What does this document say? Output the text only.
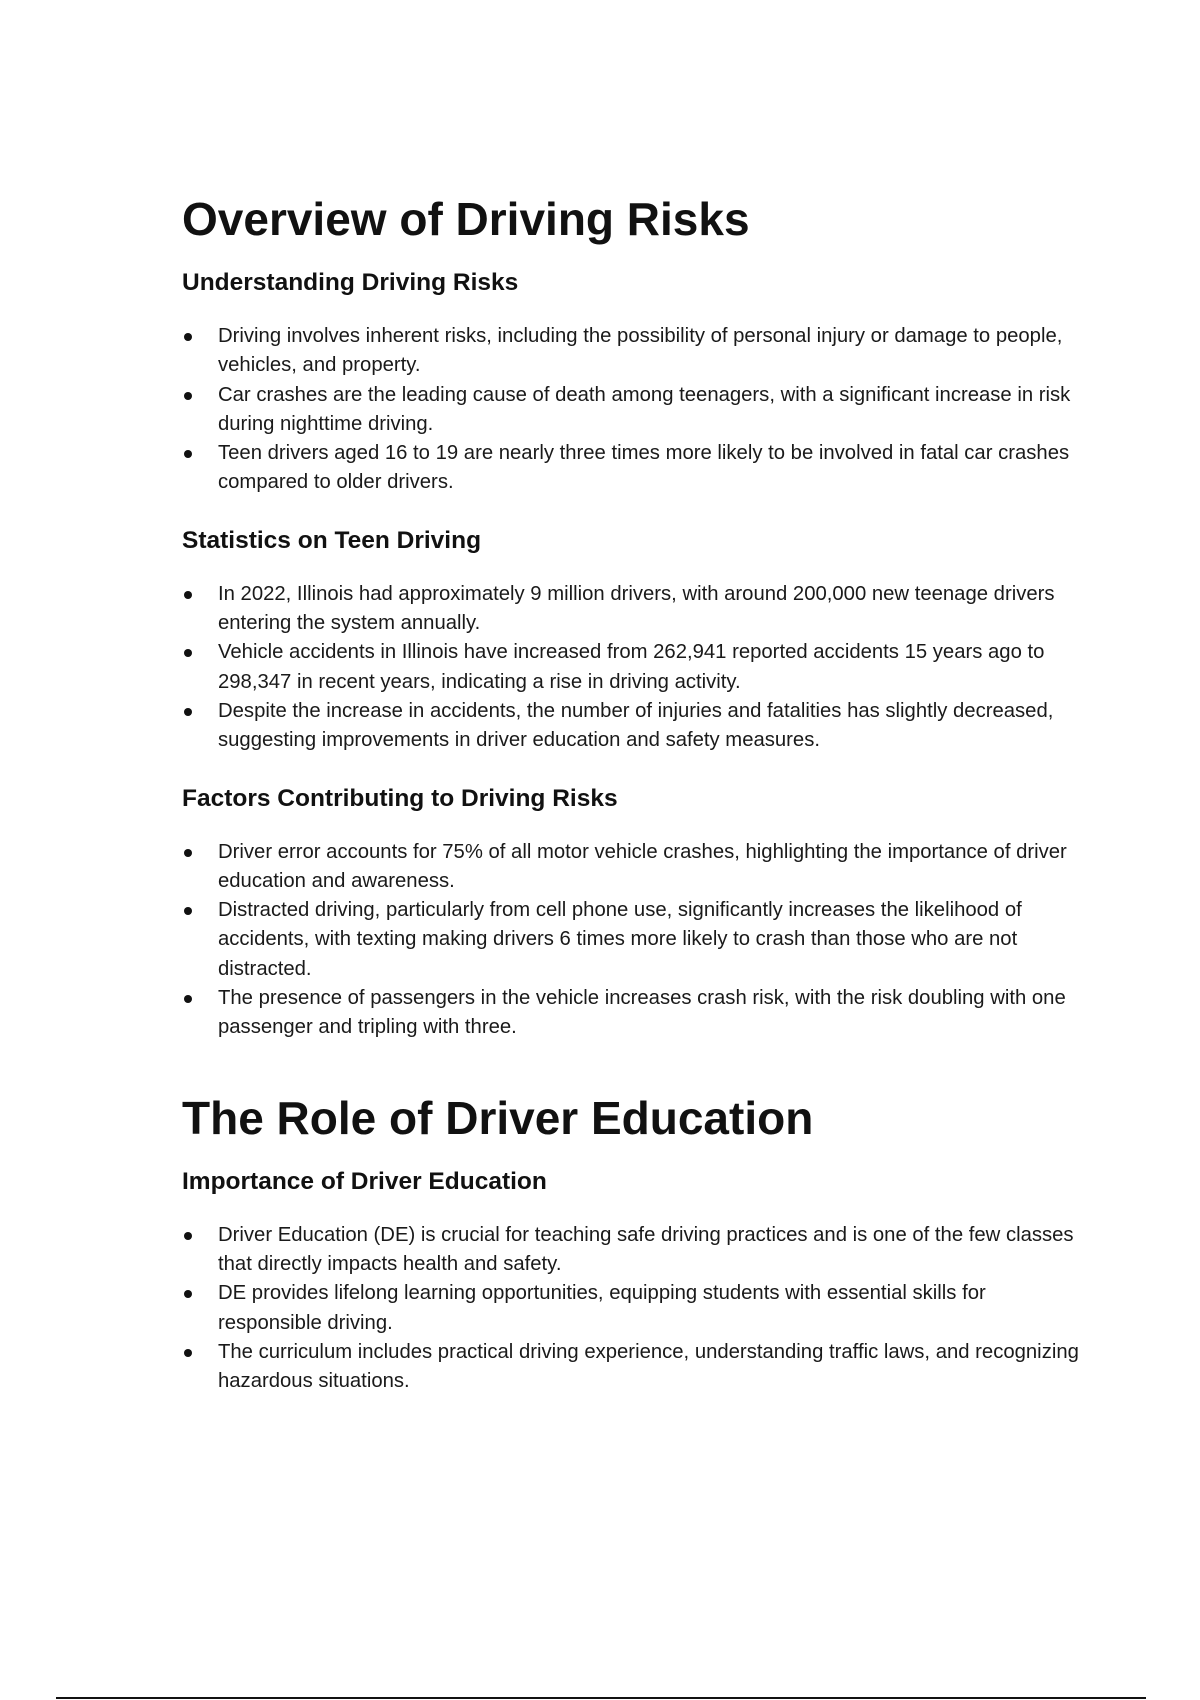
Overview of Driving Risks
Understanding Driving Risks
Driving involves inherent risks, including the possibility of personal injury or damage to people, vehicles, and property.
Car crashes are the leading cause of death among teenagers, with a significant increase in risk during nighttime driving.
Teen drivers aged 16 to 19 are nearly three times more likely to be involved in fatal car crashes compared to older drivers.
Statistics on Teen Driving
In 2022, Illinois had approximately 9 million drivers, with around 200,000 new teenage drivers entering the system annually.
Vehicle accidents in Illinois have increased from 262,941 reported accidents 15 years ago to 298,347 in recent years, indicating a rise in driving activity.
Despite the increase in accidents, the number of injuries and fatalities has slightly decreased, suggesting improvements in driver education and safety measures.
Factors Contributing to Driving Risks
Driver error accounts for 75% of all motor vehicle crashes, highlighting the importance of driver education and awareness.
Distracted driving, particularly from cell phone use, significantly increases the likelihood of accidents, with texting making drivers 6 times more likely to crash than those who are not distracted.
The presence of passengers in the vehicle increases crash risk, with the risk doubling with one passenger and tripling with three.
The Role of Driver Education
Importance of Driver Education
Driver Education (DE) is crucial for teaching safe driving practices and is one of the few classes that directly impacts health and safety.
DE provides lifelong learning opportunities, equipping students with essential skills for responsible driving.
The curriculum includes practical driving experience, understanding traffic laws, and recognizing hazardous situations.
